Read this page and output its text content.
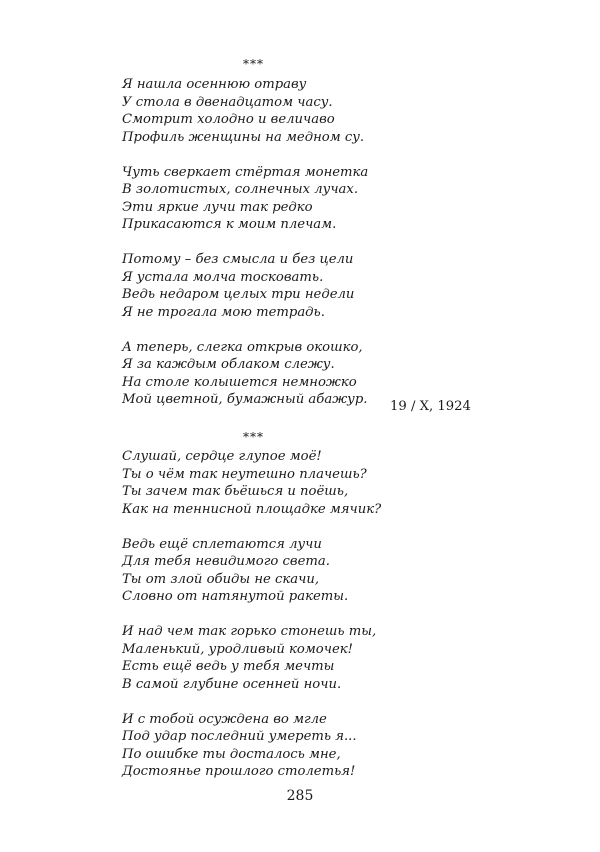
***
Я нашла осеннюю отраву
У стола в двенадцатом часу.
Смотрит холодно и величаво
Профиль женщины на медном су.
Чуть сверкает стёртая монетка
В золотистых, солнечных лучах.
Эти яркие лучи так редко
Прикасаются к моим плечам.
Потому – без смысла и без цели
Я устала молча тосковать.
Ведь недаром целых три недели
Я не трогала мою тетрадь.
А теперь, слегка открыв окошко,
Я за каждым облаком слежу.
На столе колышется немножко
Мой цветной, бумажный абажур. 19 / X, 1924
***
Слушай, сердце глупое моё!
Ты о чём так неутешно плачешь?
Ты зачем так бьёшься и поёшь,
Как на теннисной площадке мячик?
Ведь ещё сплетаются лучи
Для тебя невидимого света.
Ты от злой обиды не скачи,
Словно от натянутой ракеты.
И над чем так горько стонешь ты,
Маленький, уродливый комочек!
Есть ещё ведь у тебя мечты
В самой глубине осенней ночи.
И с тобой осуждена во мгле
Под удар последний умереть я...
По ошибке ты досталось мне,
Достоянье прошлого столетья!
285
